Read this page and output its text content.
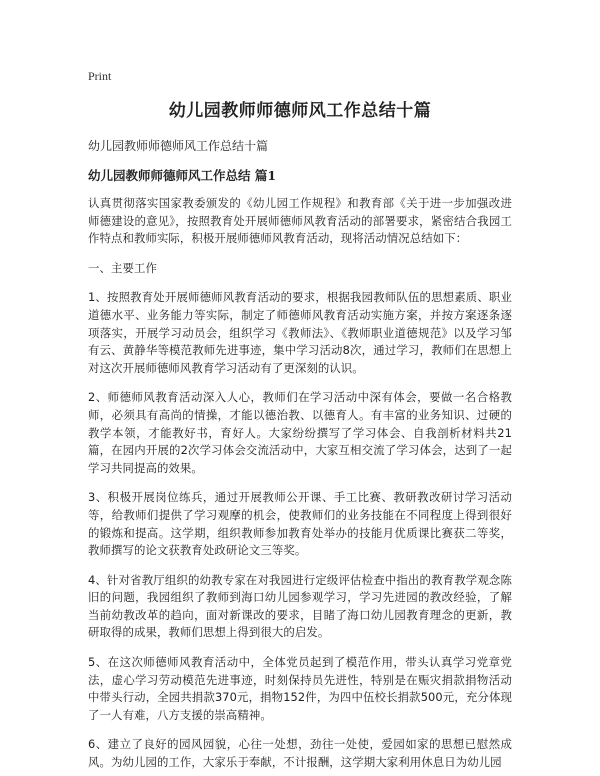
Print
幼儿园教师师德师风工作总结十篇
幼儿园教师师德师风工作总结十篇
幼儿园教师师德师风工作总结 篇1

认真贯彻落实国家教委颁发的《幼儿园工作规程》和教育部《关于进一步加强改进师德建设的意见》，按照教育处开展师德师风教育活动的部署要求，紧密结合我园工作特点和教师实际，积极开展师德师风教育活动，现将活动情况总结如下：

一、主要工作

1、按照教育处开展师德师风教育活动的要求，根据我园教师队伍的思想素质、职业道德水平、业务能力等实际，制定了师德师风教育活动实施方案，并按方案逐条逐项落实，开展学习动员会，组织学习《教师法》、《教师职业道德规范》以及学习邹有云、黄静华等模范教师先进事迹，集中学习活动8次，通过学习，教师们在思想上对这次开展师德师风教育学习活动有了更深刻的认识。

2、师德师风教育活动深入人心，教师们在学习活动中深有体会，要做一名合格教师，必须具有高尚的情操，才能以德治教、以德育人。有丰富的业务知识、过硬的教学本领，才能教好书，育好人。大家纷纷撰写了学习体会、自我剖析材料共21篇，在园内开展的2次学习体会交流活动中，大家互相交流了学习体会，达到了一起学习共同提高的效果。

3、积极开展岗位练兵，通过开展教师公开课、手工比赛、教研教改研讨学习活动等，给教师们提供了学习观摩的机会，使教师们的业务技能在不同程度上得到很好的锻炼和提高。这学期，组织教师参加教育处举办的技能月优质课比赛获二等奖，教师撰写的论文获教育处政研论文三等奖。

4、针对省教厅组织的幼教专家在对我园进行定级评估检查中指出的教育教学观念陈旧的问题，我园组织了教师到海口幼儿园参观学习，学习先进园的教改经验，了解当前幼教改革的趋向，面对新课改的要求，目睹了海口幼儿园教育理念的更新，教研取得的成果，教师们思想上得到很大的启发。

5、在这次师德师风教育活动中，全体党员起到了模范作用，带头认真学习党章党法，虚心学习劳动模范先进事迹，时刻保持员先进性，特别是在赈灾捐款捐物活动中带头行动，全园共捐款370元，捐物152件，为四中伍校长捐款500元，充分体现了一人有难，八方支援的崇高精神。

6、建立了良好的园风园貌，心往一处想，劲往一处使，爱园如家的思想已慰然成风。为幼儿园的工作，大家乐于奉献，不计报酬，这学期大家利用休息日为幼儿园
